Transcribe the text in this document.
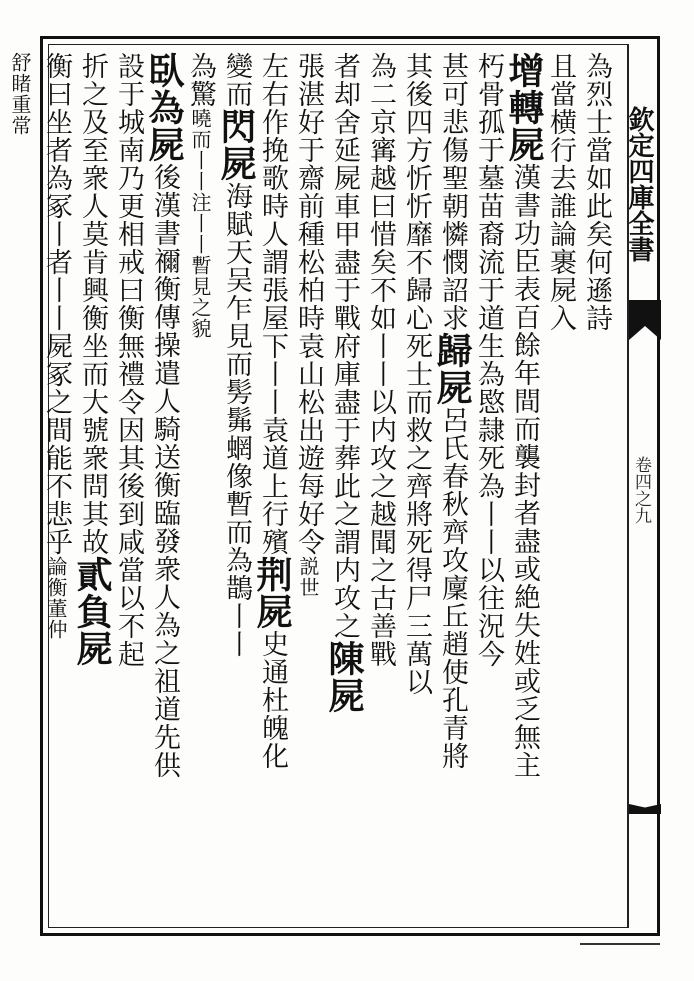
為烈士當如此矣何遜詩
且當横行去誰論裹屍入
增轉屍漢書功臣表百餘年間而襲封者盡或絶失姓或乏無主
朽骨孤于墓苗裔流于道生為愍隷死為丨丨以往況今
甚可悲傷聖朝憐憫詔求歸屍呂氏春秋齊攻廩丘趙使孔青將
其後四方忻忻靡不歸心死士而救之齊將死得尸三萬以
為二京寗越曰惜矣不如丨丨以内攻之越聞之古善戰
者却舍延屍車甲盡于戰府庫盡于葬此之謂内攻之陳屍
張湛好于齋前種松柏時袁山松出遊每好令説世
左右作挽歌時人謂張屋下丨丨袁道上行殯荆屍史通杜魄化
變而閃屍海賦天吴乍見而髣髴蝄像暫而為鵲丨丨
為驚曉而丨丨注丨丨暫見之貌
臥為屍後漢書禰衡傳操遣人騎送衡臨發衆人為之祖道先供
設于城南乃更相戒曰衡無禮令因其後到咸當以不起
折之及至衆人莫肯興衡坐而大號衆問其故貳負屍
衡曰坐者為冢丨者丨丨屍冢之間能不悲乎論衡董仲
舒睹重常
欽定四庫全書
卷四之九
